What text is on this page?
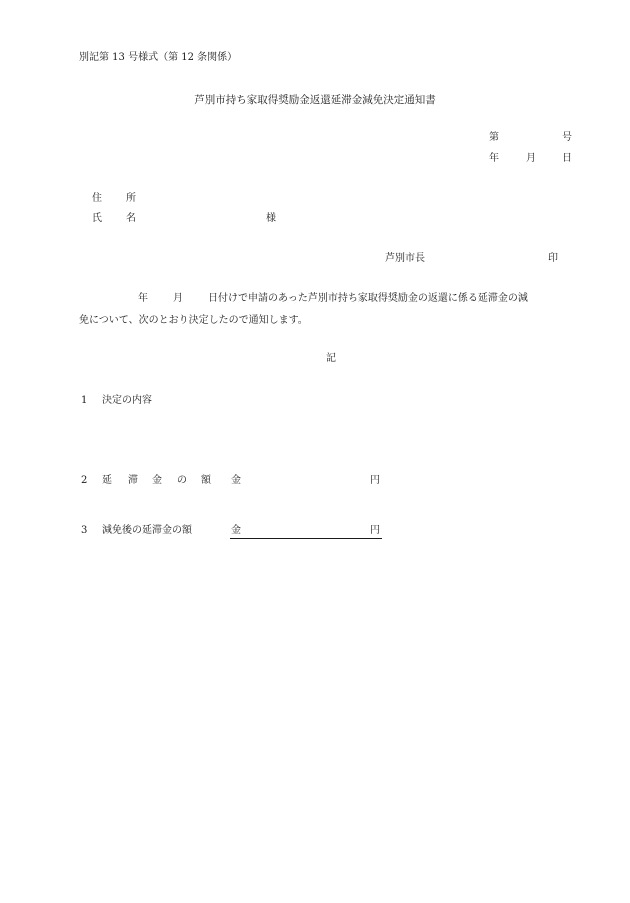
別記第 13 号様式（第 12 条関係）
芦別市持ち家取得奨励金返還延滞金減免決定通知書
第	号
年	月	日
住 所
氏 名	様
芦別市長	印
年	月	日付けで申請のあった芦別市持ち家取得奨励金の返還に係る延滞金の減
免について、次のとおり決定したので通知します。
記
1 決定の内容
2 延 滞 金 の 額 金	円
3 減免後の延滞金の額	金	円
